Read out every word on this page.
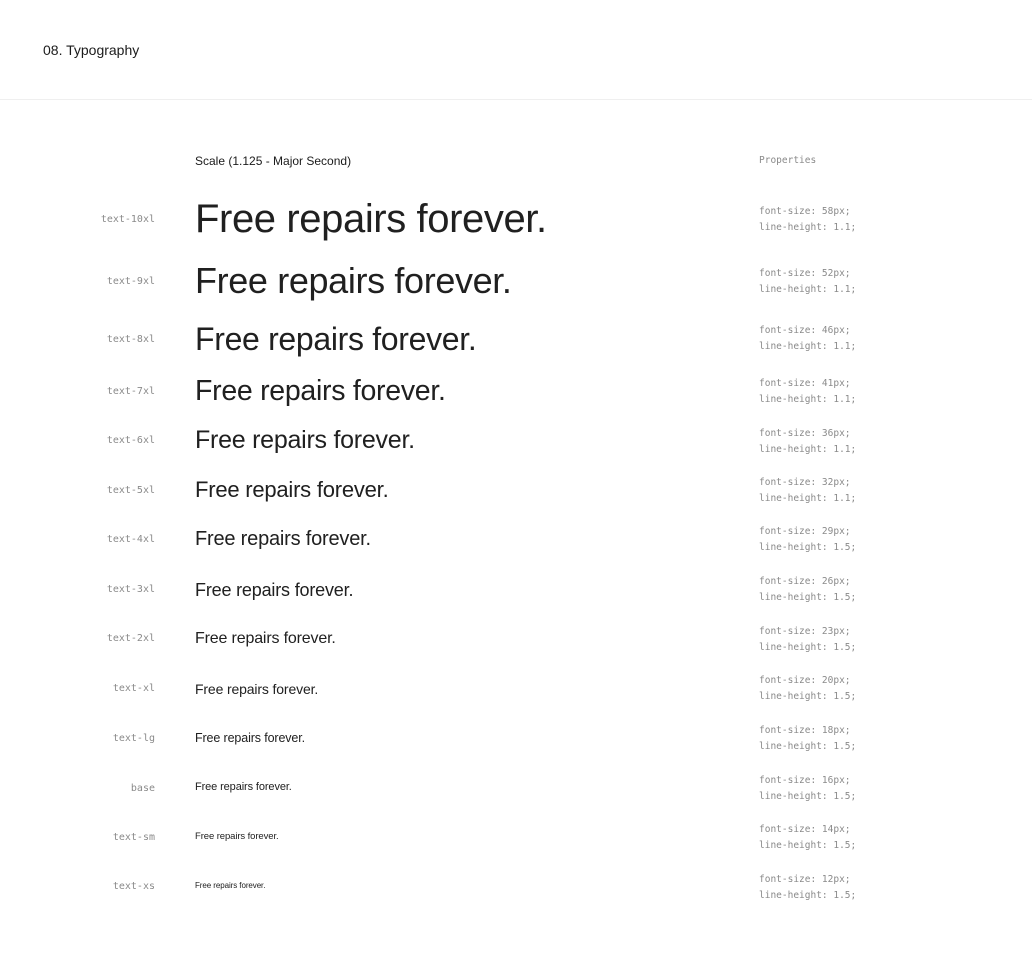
08. Typography
Scale (1.125 - Major Second)	Properties
text-10xl Free repairs forever.	font-size: 58px;
line-height: 1.1;
text-9xl Free repairs forever.	font-size: 52px;
line-height: 1.1;
text-8xl Free repairs forever.	font-size: 46px;
line-height: 1.1;
text-7xl Free repairs forever.	font-size: 41px;
line-height: 1.1;
text-6xl Free repairs forever.	font-size: 36px;
line-height: 1.1;
text-5xl Free repairs forever.	font-size: 32px;
line-height: 1.1;
text-4xl Free repairs forever.	font-size: 29px;
line-height: 1.5;
text-3xl Free repairs forever.	font-size: 26px;
line-height: 1.5;
text-2xl	Free repairs forever.	font-size: 23px;
line-height: 1.5;
text-xl	Free repairs forever.
font-size: 20px;
line-height: 1.5;
text-lg	Free repairs forever.
font-size: 18px;
line-height: 1.5;
base	Free repairs forever.
font-size: 16px;
line-height: 1.5;
text-sm	Free repairs forever.
font-size: 14px;
line-height: 1.5;
text-xs	Free repairs forever.
font-size: 12px;
line-height: 1.5;
